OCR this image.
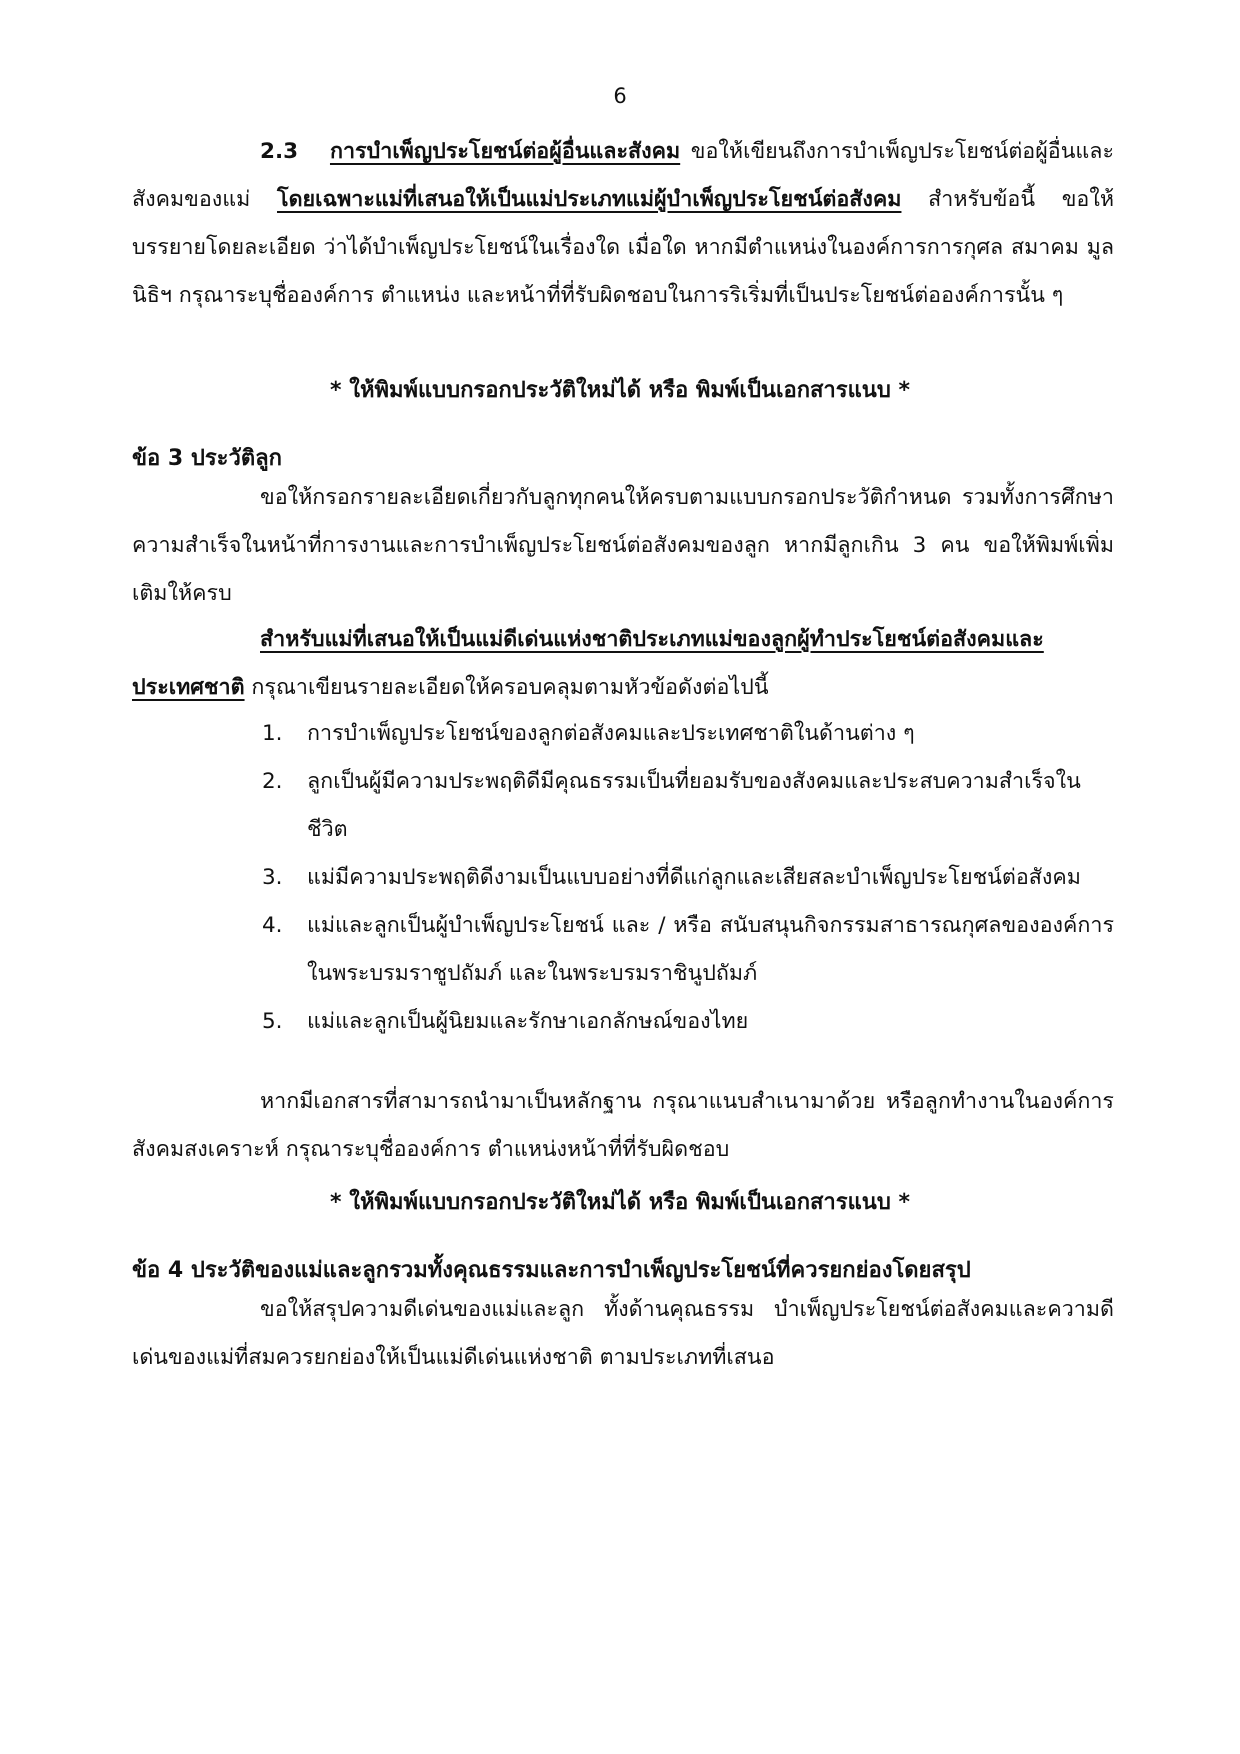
6
2.3 การบำเพ็ญประโยชน์ต่อผู้อื่นและสังคม ขอให้เขียนถึงการบำเพ็ญประโยชน์ต่อผู้อื่นและสังคมของแม่ โดยเฉพาะแม่ที่เสนอให้เป็นแม่ประเภทแม่ผู้บำเพ็ญประโยชน์ต่อสังคม สำหรับข้อนี้ ขอให้บรรยายโดยละเอียด ว่าได้บำเพ็ญประโยชน์ในเรื่องใด เมื่อใด หากมีตำแหน่งในองค์การการกุศล สมาคม มูลนิธิฯ กรุณาระบุชื่อองค์การ ตำแหน่ง และหน้าที่ที่รับผิดชอบในการริเริ่มที่เป็นประโยชน์ต่อองค์การนั้น ๆ
* ให้พิมพ์แบบกรอกประวัติใหม่ได้ หรือ พิมพ์เป็นเอกสารแนบ *
ข้อ 3 ประวัติลูก
ขอให้กรอกรายละเอียดเกี่ยวกับลูกทุกคนให้ครบตามแบบกรอกประวัติกำหนด รวมทั้งการศึกษา ความสำเร็จในหน้าที่การงานและการบำเพ็ญประโยชน์ต่อสังคมของลูก หากมีลูกเกิน 3 คน ขอให้พิมพ์เพิ่มเติมให้ครบ
สำหรับแม่ที่เสนอให้เป็นแม่ดีเด่นแห่งชาติประเภทแม่ของลูกผู้ทำประโยชน์ต่อสังคมและประเทศชาติ กรุณาเขียนรายละเอียดให้ครอบคลุมตามหัวข้อดังต่อไปนี้
1. การบำเพ็ญประโยชน์ของลูกต่อสังคมและประเทศชาติในด้านต่าง ๆ
2. ลูกเป็นผู้มีความประพฤติดีมีคุณธรรมเป็นที่ยอมรับของสังคมและประสบความสำเร็จในชีวิต
3. แม่มีความประพฤติดีงามเป็นแบบอย่างที่ดีแก่ลูกและเสียสละบำเพ็ญประโยชน์ต่อสังคม
4. แม่และลูกเป็นผู้บำเพ็ญประโยชน์ และ / หรือ สนับสนุนกิจกรรมสาธารณกุศลขององค์การในพระบรมราชูปถัมภ์ และในพระบรมราชินูปถัมภ์
5. แม่และลูกเป็นผู้นิยมและรักษาเอกลักษณ์ของไทย
หากมีเอกสารที่สามารถนำมาเป็นหลักฐาน กรุณาแนบสำเนามาด้วย หรือลูกทำงานในองค์การสังคมสงเคราะห์ กรุณาระบุชื่อองค์การ ตำแหน่งหน้าที่ที่รับผิดชอบ
* ให้พิมพ์แบบกรอกประวัติใหม่ได้ หรือ พิมพ์เป็นเอกสารแนบ *
ข้อ 4 ประวัติของแม่และลูกรวมทั้งคุณธรรมและการบำเพ็ญประโยชน์ที่ควรยกย่องโดยสรุป
ขอให้สรุปความดีเด่นของแม่และลูก ทั้งด้านคุณธรรม บำเพ็ญประโยชน์ต่อสังคมและความดีเด่นของแม่ที่สมควรยกย่องให้เป็นแม่ดีเด่นแห่งชาติ ตามประเภทที่เสนอ
